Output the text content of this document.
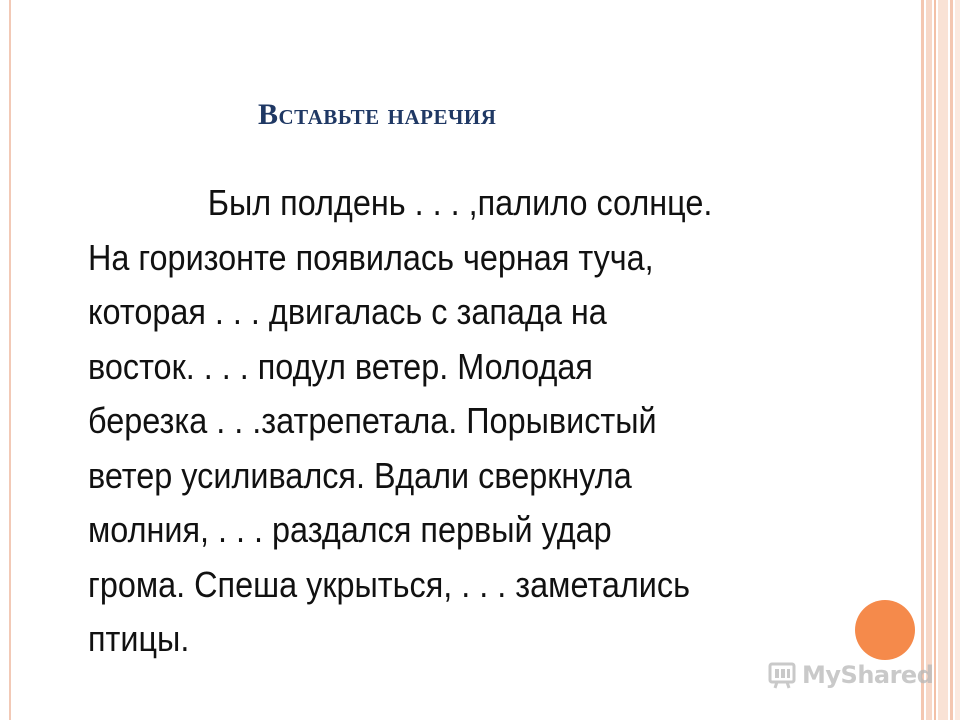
Вставьте наречия
Был полдень . . . ,палило солнце.
На горизонте появилась черная туча,
которая . . . двигалась с запада на
восток. . . . подул ветер. Молодая
березка . . .затрепетала. Порывистый
ветер усиливался. Вдали сверкнула
молния, . . . раздался первый удар
грома. Спеша укрыться, . . . заметались
птицы.
MyShared
